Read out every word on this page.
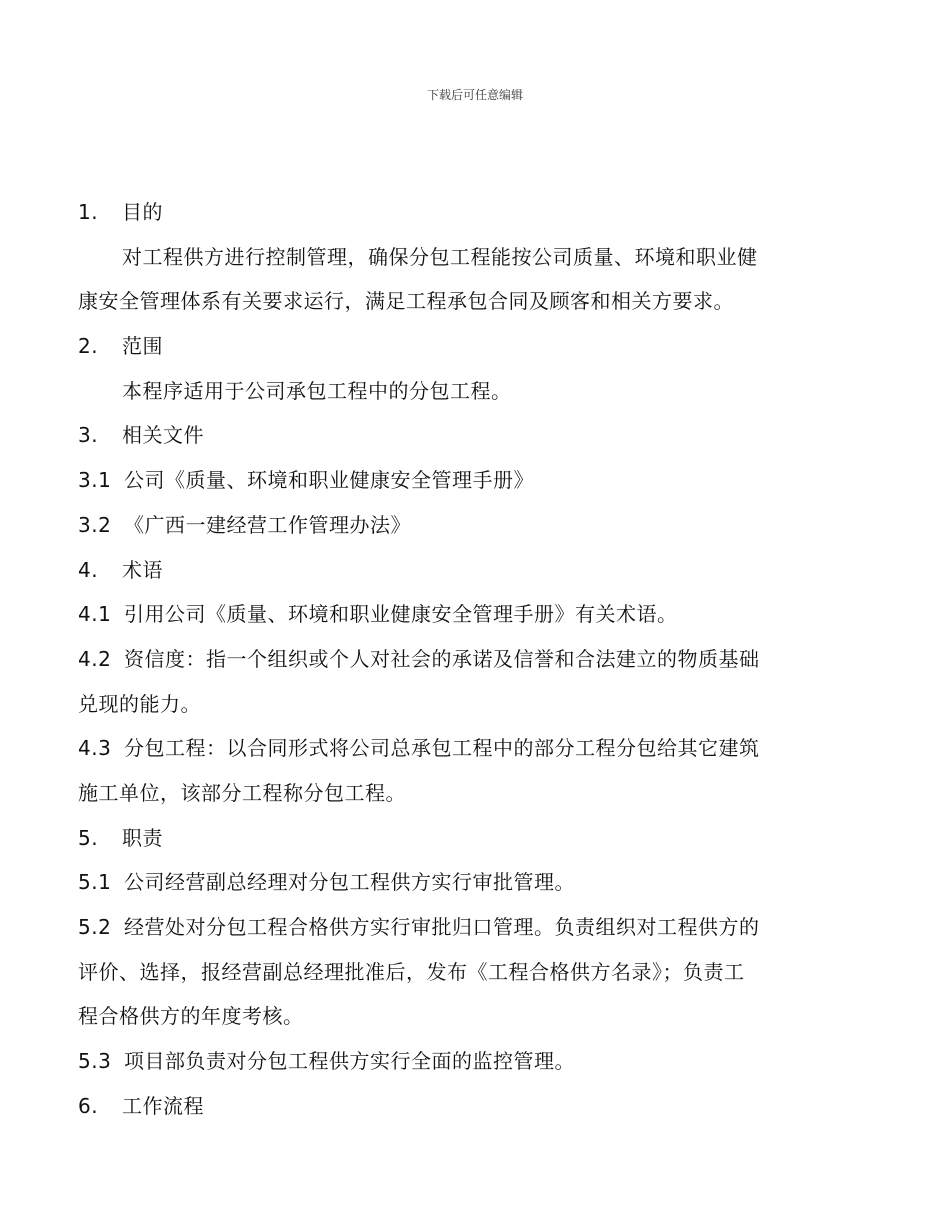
下载后可任意编辑
1. 目的
对工程供方进行控制管理，确保分包工程能按公司质量、环境和职业健
康安全管理体系有关要求运行，满足工程承包合同及顾客和相关方要求。
2. 范围
本程序适用于公司承包工程中的分包工程。
3. 相关文件
3.1 公司《质量、环境和职业健康安全管理手册》
3.2 《广西一建经营工作管理办法》
4. 术语
4.1 引用公司《质量、环境和职业健康安全管理手册》有关术语。
4.2 资信度：指一个组织或个人对社会的承诺及信誉和合法建立的物质基础
兑现的能力。
4.3 分包工程：以合同形式将公司总承包工程中的部分工程分包给其它建筑
施工单位，该部分工程称分包工程。
5. 职责
5.1 公司经营副总经理对分包工程供方实行审批管理。
5.2 经营处对分包工程合格供方实行审批归口管理。负责组织对工程供方的
评价、选择，报经营副总经理批准后，发布《工程合格供方名录》；负责工
程合格供方的年度考核。
5.3 项目部负责对分包工程供方实行全面的监控管理。
6. 工作流程
